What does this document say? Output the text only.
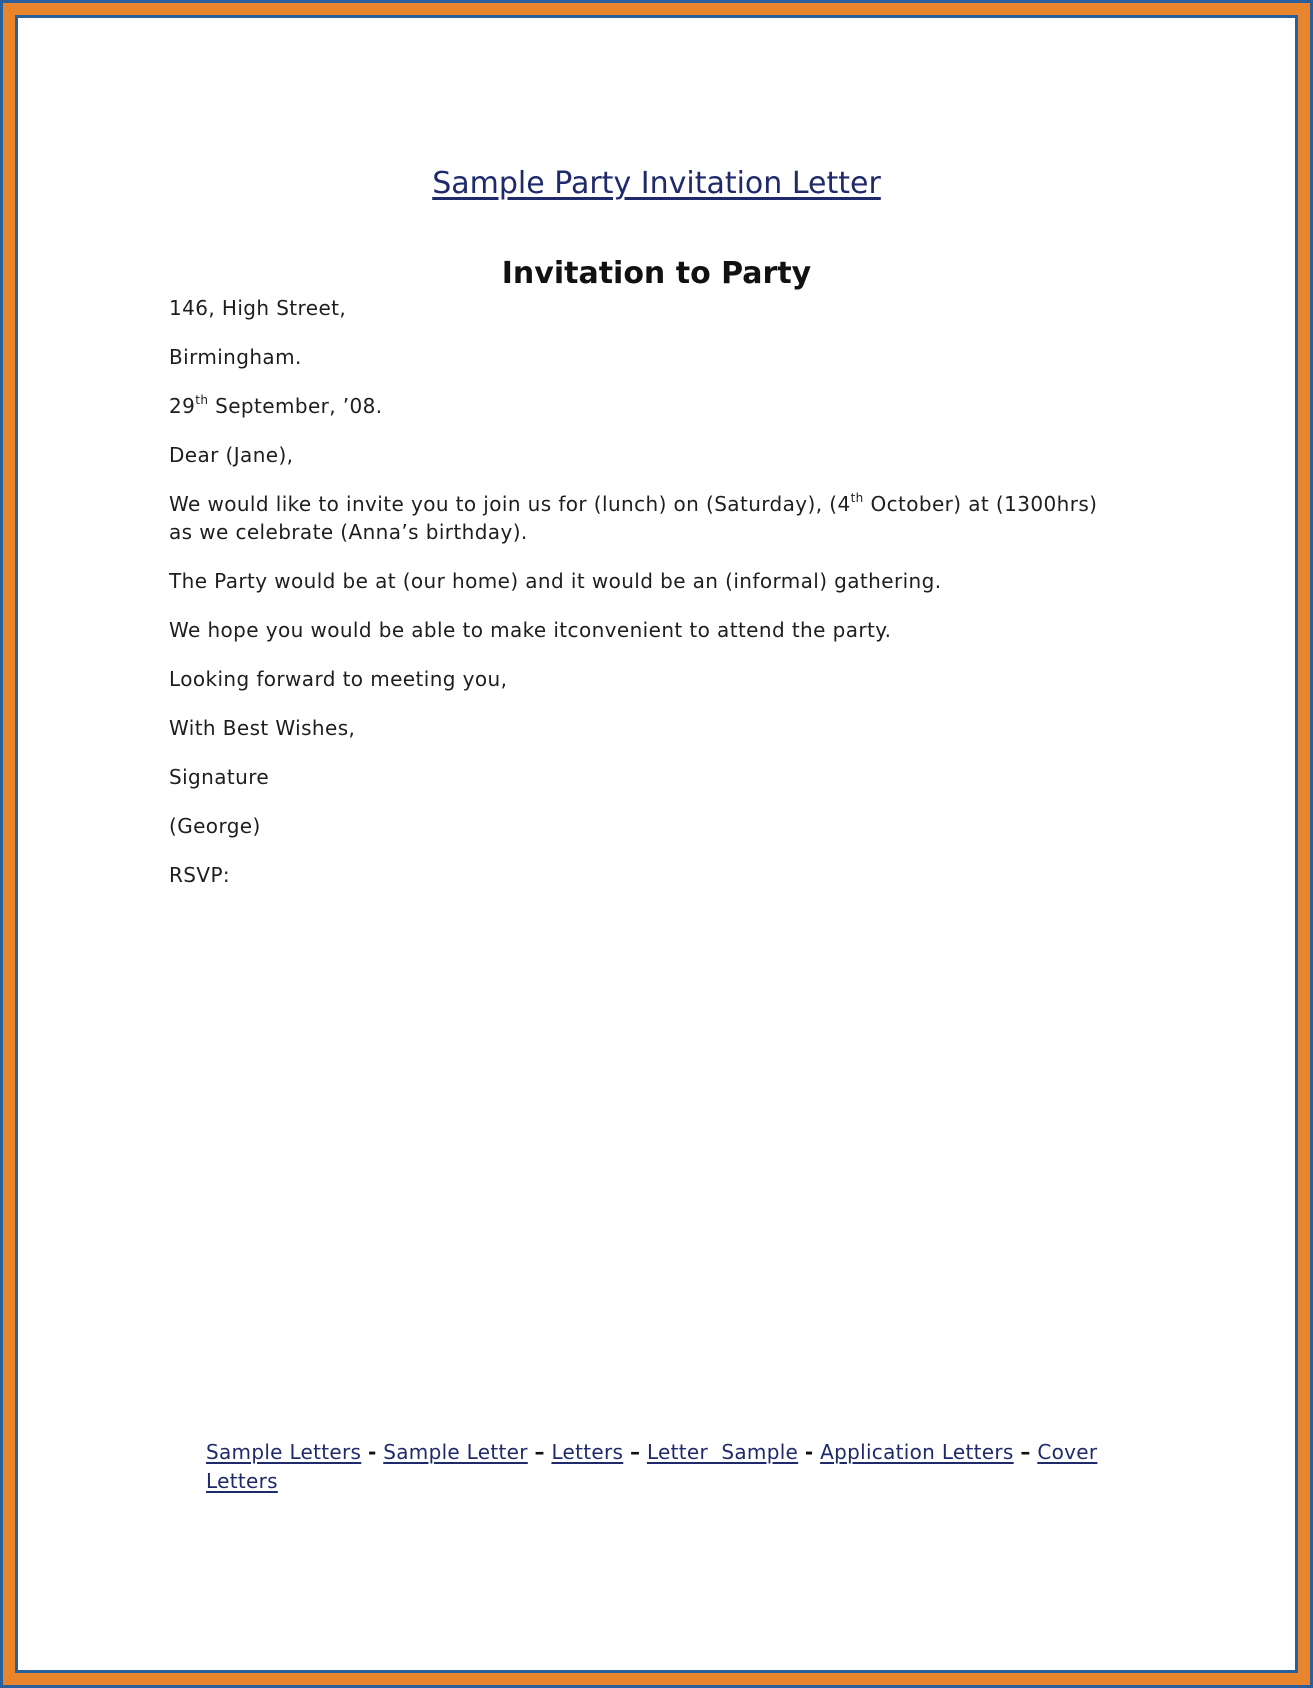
Sample Party Invitation Letter
Invitation to Party

146, High Street,

Birmingham.

29th September, ’08.

Dear (Jane),

We would like to invite you to join us for (lunch) on (Saturday), (4th October) at (1300hrs)
as we celebrate (Anna’s birthday).

The Party would be at (our home) and it would be an (informal) gathering.

We hope you would be able to make itconvenient to attend the party.

Looking forward to meeting you,

With Best Wishes,

Signature

(George)

RSVP:

Sample Letters - Sample Letter – Letters – Letter  Sample - Application Letters – Cover
Letters
